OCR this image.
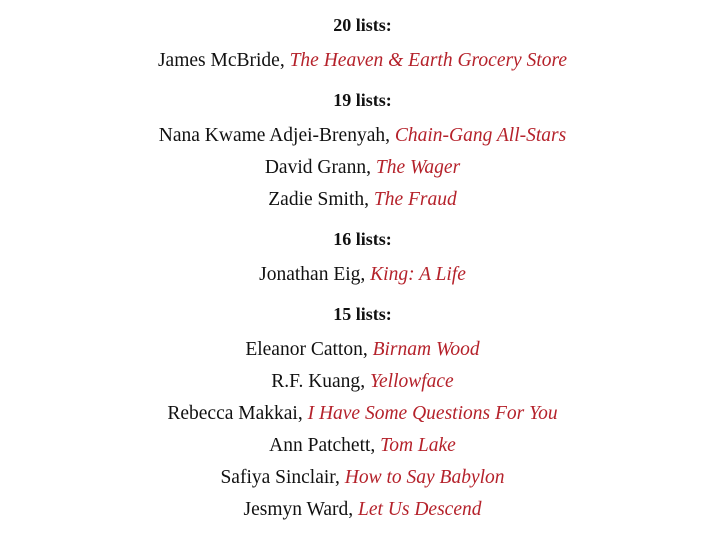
20 lists:
James McBride, The Heaven & Earth Grocery Store
19 lists:
Nana Kwame Adjei-Brenyah, Chain-Gang All-Stars
David Grann, The Wager
Zadie Smith, The Fraud
16 lists:
Jonathan Eig, King: A Life
15 lists:
Eleanor Catton, Birnam Wood
R.F. Kuang, Yellowface
Rebecca Makkai, I Have Some Questions For You
Ann Patchett, Tom Lake
Safiya Sinclair, How to Say Babylon
Jesmyn Ward, Let Us Descend
